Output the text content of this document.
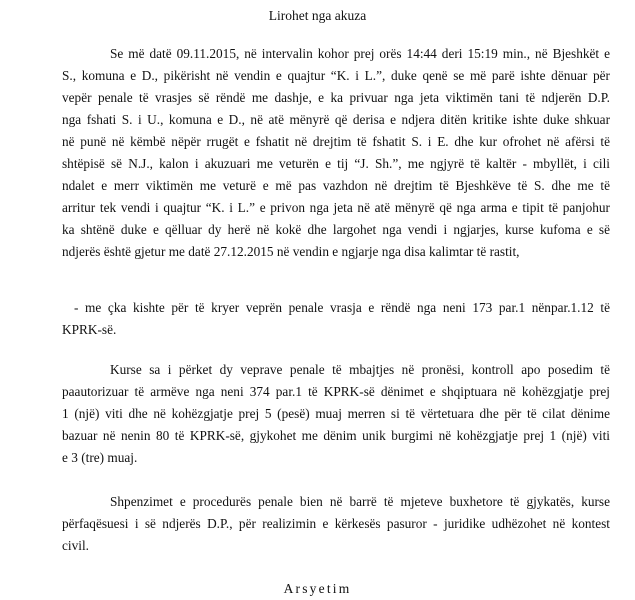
Lirohet nga akuza
Se më datë 09.11.2015, në intervalin kohor prej orës 14:44 deri 15:19 min., në Bjeshkët e
S., komuna e D., pikërisht në vendin e quajtur “K. i L.”, duke qenë se më parë ishte dënuar për
vepër penale të vrasjes së rëndë me dashje, e ka privuar nga jeta viktimën tani të ndjerën D.P.
nga fshati S. i U., komuna e D., në atë mënyrë që derisa e ndjera ditën kritike ishte duke shkuar
në punë në këmbë nëpër rrugët e fshatit në drejtim të fshatit S. i E. dhe kur ofrohet në afërsi të
shtëpisë së N.J., kalon i akuzuari me veturën e tij “J. Sh.”, me ngjyrë të kaltër - mbyllët, i cili
ndalet e merr viktimën me veturë e më pas vazhdon në drejtim të Bjeshkëve të S. dhe me të
arritur tek vendi i quajtur “K. i L.” e privon nga jeta në atë mënyrë që nga arma e tipit të panjohur
ka shtënë duke e qëlluar dy herë në kokë dhe largohet nga vendi i ngjarjes, kurse kufoma e së
ndjerës është gjetur me datë 27.12.2015 në vendin e ngjarje nga disa kalimtar të rastit,
- me çka kishte për të kryer veprën penale vrasja e rëndë nga neni 173 par.1 nënpar.1.12 të
KPRK-së.
Kurse sa i përket dy veprave penale të mbajtjes në pronësi, kontroll apo posedim të
paautorizuar të armëve nga neni 374 par.1 të KPRK-së dënimet e shqiptuara në kohëzgjatje prej
1 (një) viti dhe në kohëzgjatje prej 5 (pesë) muaj merren si të vërtetuara dhe për të cilat dënime
bazuar në nenin 80 të KPRK-së, gjykohet me dënim unik burgimi në kohëzgjatje prej 1 (një) viti
e 3 (tre) muaj.
Shpenzimet e procedurës penale bien në barrë të mjeteve buxhetore të gjykatës, kurse
përfaqësuesi i së ndjerës D.P., për realizimin e kërkesës pasuror - juridike udhëzohet në kontest
civil.
Arsyetim
